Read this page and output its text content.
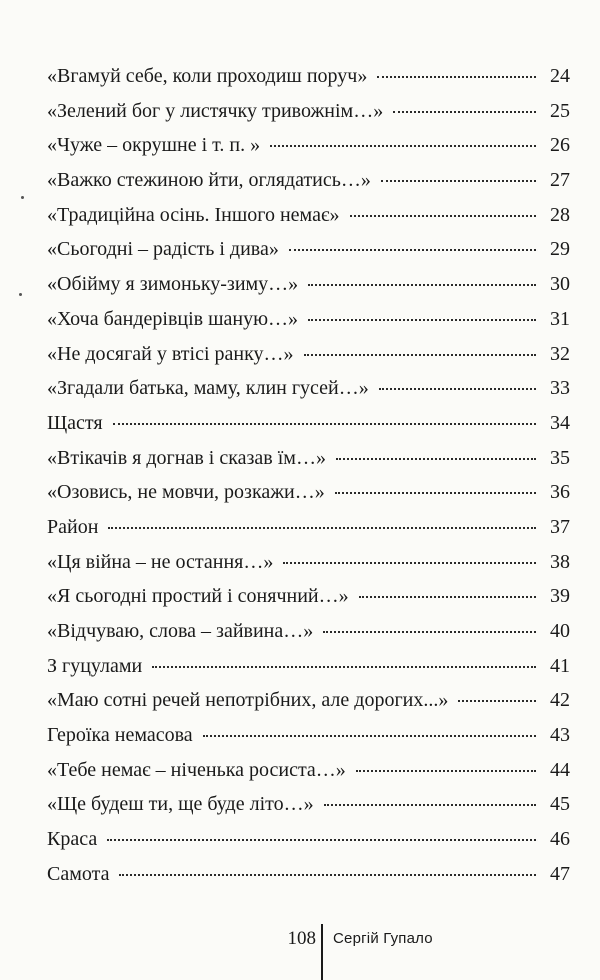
«Вгамуй себе, коли проходиш поруч»	24
«Зелений бог у листячку тривожнім…»	25
«Чуже – окрушне і т. п. »	26
«Важко стежиною йти, оглядатись…»	27
«Традиційна осінь. Іншого немає»	28
«Сьогодні – радість і дива»	29
«Обійму я зимоньку-зиму…»	30
«Хоча бандерівців шаную…»	31
«Не досягай у втісі ранку…»	32
«Згадали батька, маму, клин гусей…»	33
Щастя	34
«Втікачів я догнав і сказав їм…»	35
«Озовись, не мовчи, розкажи…»	36
Район	37
«Ця війна – не остання…»	38
«Я сьогодні простий і сонячний…»	39
«Відчуваю, слова – зайвина…»	40
З гуцулами	41
«Маю сотні речей непотрібних, але дорогих...»	42
Героїка немасова	43
«Тебе немає – ніченька росиста…»	44
«Ще будеш ти, ще буде літо…»	45
Краса	46
Самота	47
108 Сергій Гупало
